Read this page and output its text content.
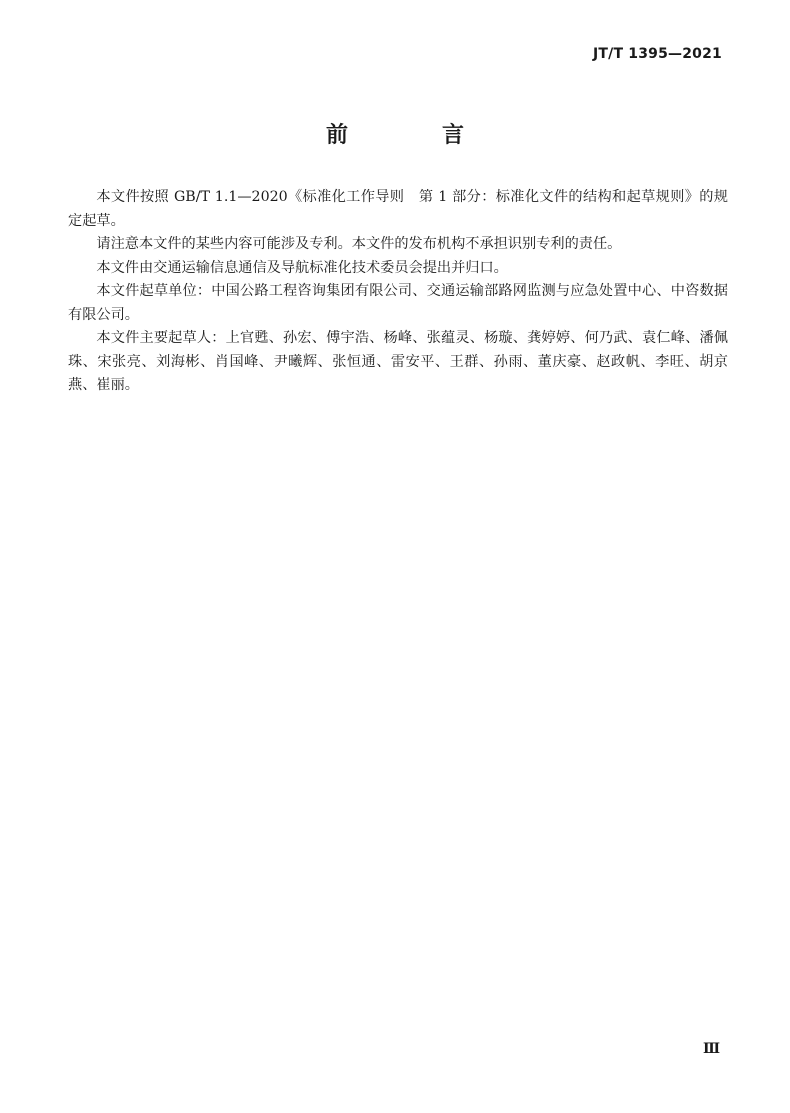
JT/T 1395—2021
前　言

本文件按照 GB/T 1.1—2020《标准化工作导则　第 1 部分：标准化文件的结构和起草规则》的规定起草。

请注意本文件的某些内容可能涉及专利。本文件的发布机构不承担识别专利的责任。

本文件由交通运输信息通信及导航标准化技术委员会提出并归口。

本文件起草单位：中国公路工程咨询集团有限公司、交通运输部路网监测与应急处置中心、中咨数据有限公司。

本文件主要起草人：上官甦、孙宏、傅宇浩、杨峰、张蕴灵、杨璇、龚婷婷、何乃武、袁仁峰、潘佩珠、宋张亮、刘海彬、肖国峰、尹曦辉、张恒通、雷安平、王群、孙雨、董庆豪、赵政帆、李旺、胡京燕、崔丽。

Ⅲ
